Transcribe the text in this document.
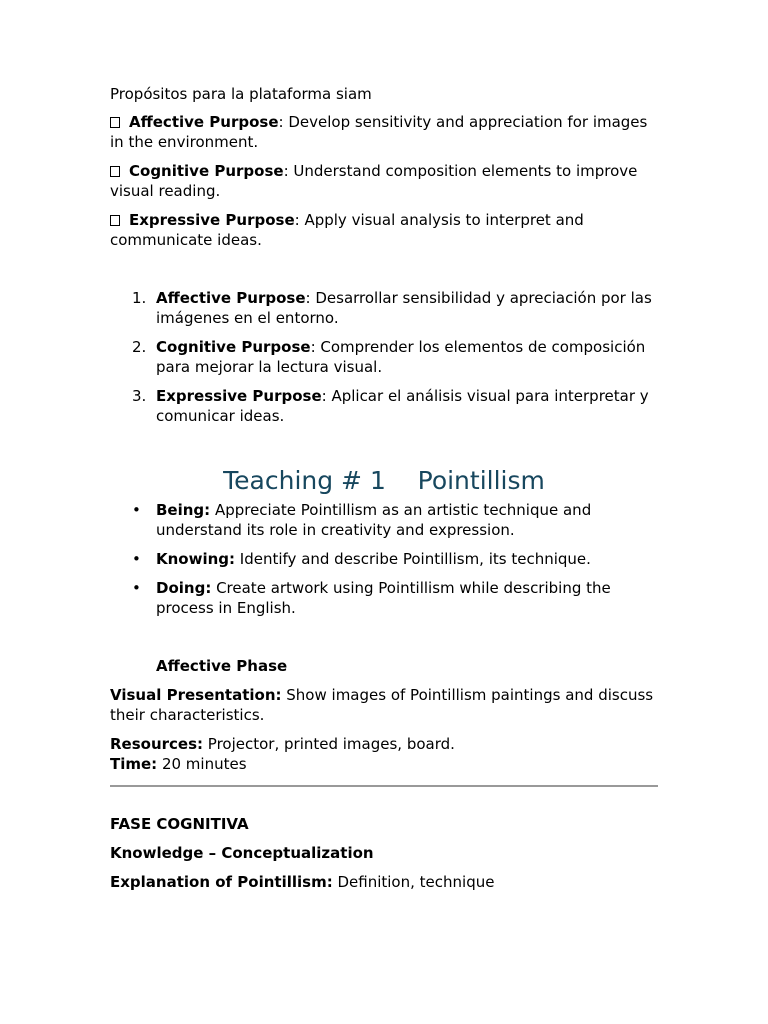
Propósitos para la plataforma siam

Affective Purpose: Develop sensitivity and appreciation for images in the environment.

Cognitive Purpose: Understand composition elements to improve visual reading.

Expressive Purpose: Apply visual analysis to interpret and communicate ideas.

1. Affective Purpose: Desarrollar sensibilidad y apreciación por las imágenes en el entorno.
2. Cognitive Purpose: Comprender los elementos de composición para mejorar la lectura visual.
3. Expressive Purpose: Aplicar el análisis visual para interpretar y comunicar ideas.
Teaching # 1    Pointillism
• Being: Appreciate Pointillism as an artistic technique and understand its role in creativity and expression.
• Knowing: Identify and describe Pointillism, its technique.
• Doing: Create artwork using Pointillism while describing the process in English.

Affective Phase

Visual Presentation: Show images of Pointillism paintings and discuss their characteristics.

Resources: Projector, printed images, board.

Time: 20 minutes

FASE COGNITIVA

Knowledge – Conceptualization

Explanation of Pointillism: Definition, technique
